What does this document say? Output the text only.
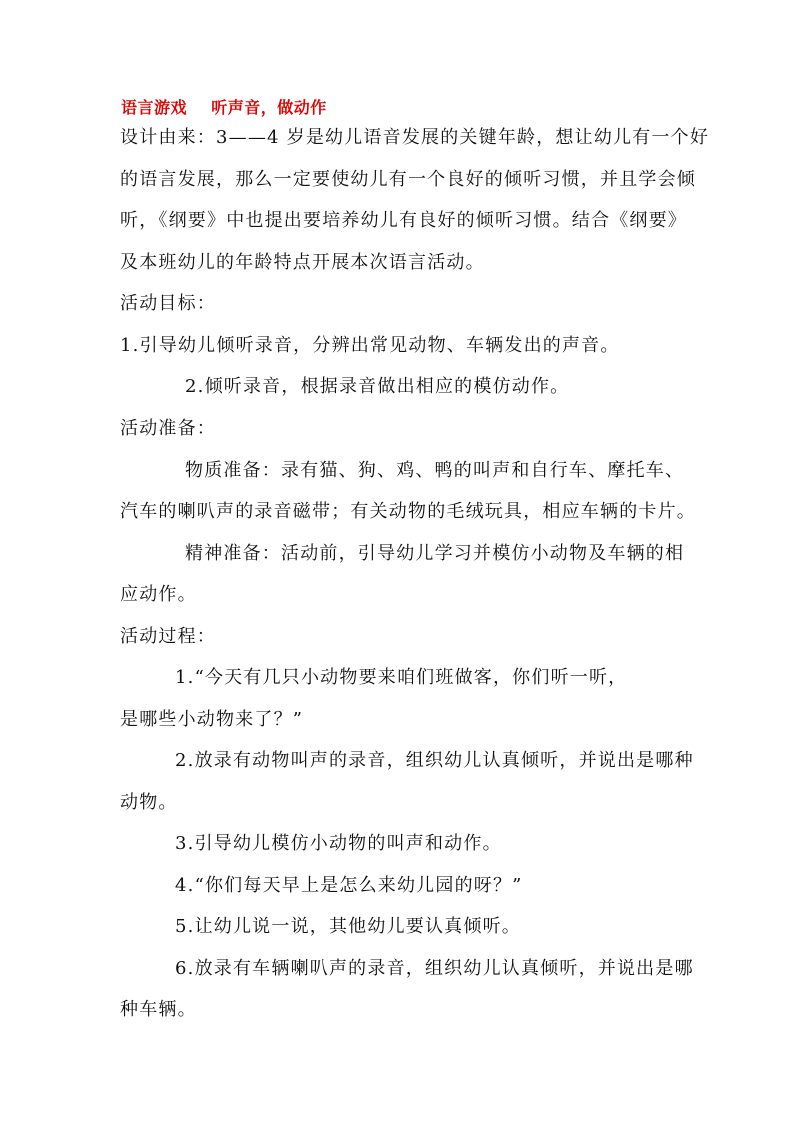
语言游戏    听声音，做动作
设计由来：3——4 岁是幼儿语音发展的关键年龄，想让幼儿有一个好
的语言发展，那么一定要使幼儿有一个良好的倾听习惯，并且学会倾
听，《纲要》中也提出要培养幼儿有良好的倾听习惯。结合《纲要》
及本班幼儿的年龄特点开展本次语言活动。
活动目标：
1.引导幼儿倾听录音，分辨出常见动物、车辆发出的声音。
2.倾听录音，根据录音做出相应的模仿动作。
活动准备：
物质准备：录有猫、狗、鸡、鸭的叫声和自行车、摩托车、
汽车的喇叭声的录音磁带；有关动物的毛绒玩具，相应车辆的卡片。
精神准备：活动前，引导幼儿学习并模仿小动物及车辆的相
应动作。
活动过程：
1.“今天有几只小动物要来咱们班做客，你们听一听，
是哪些小动物来了？”
2.放录有动物叫声的录音，组织幼儿认真倾听，并说出是哪种
动物。
3.引导幼儿模仿小动物的叫声和动作。
4.“你们每天早上是怎么来幼儿园的呀？”
5.让幼儿说一说，其他幼儿要认真倾听。
6.放录有车辆喇叭声的录音，组织幼儿认真倾听，并说出是哪
种车辆。
